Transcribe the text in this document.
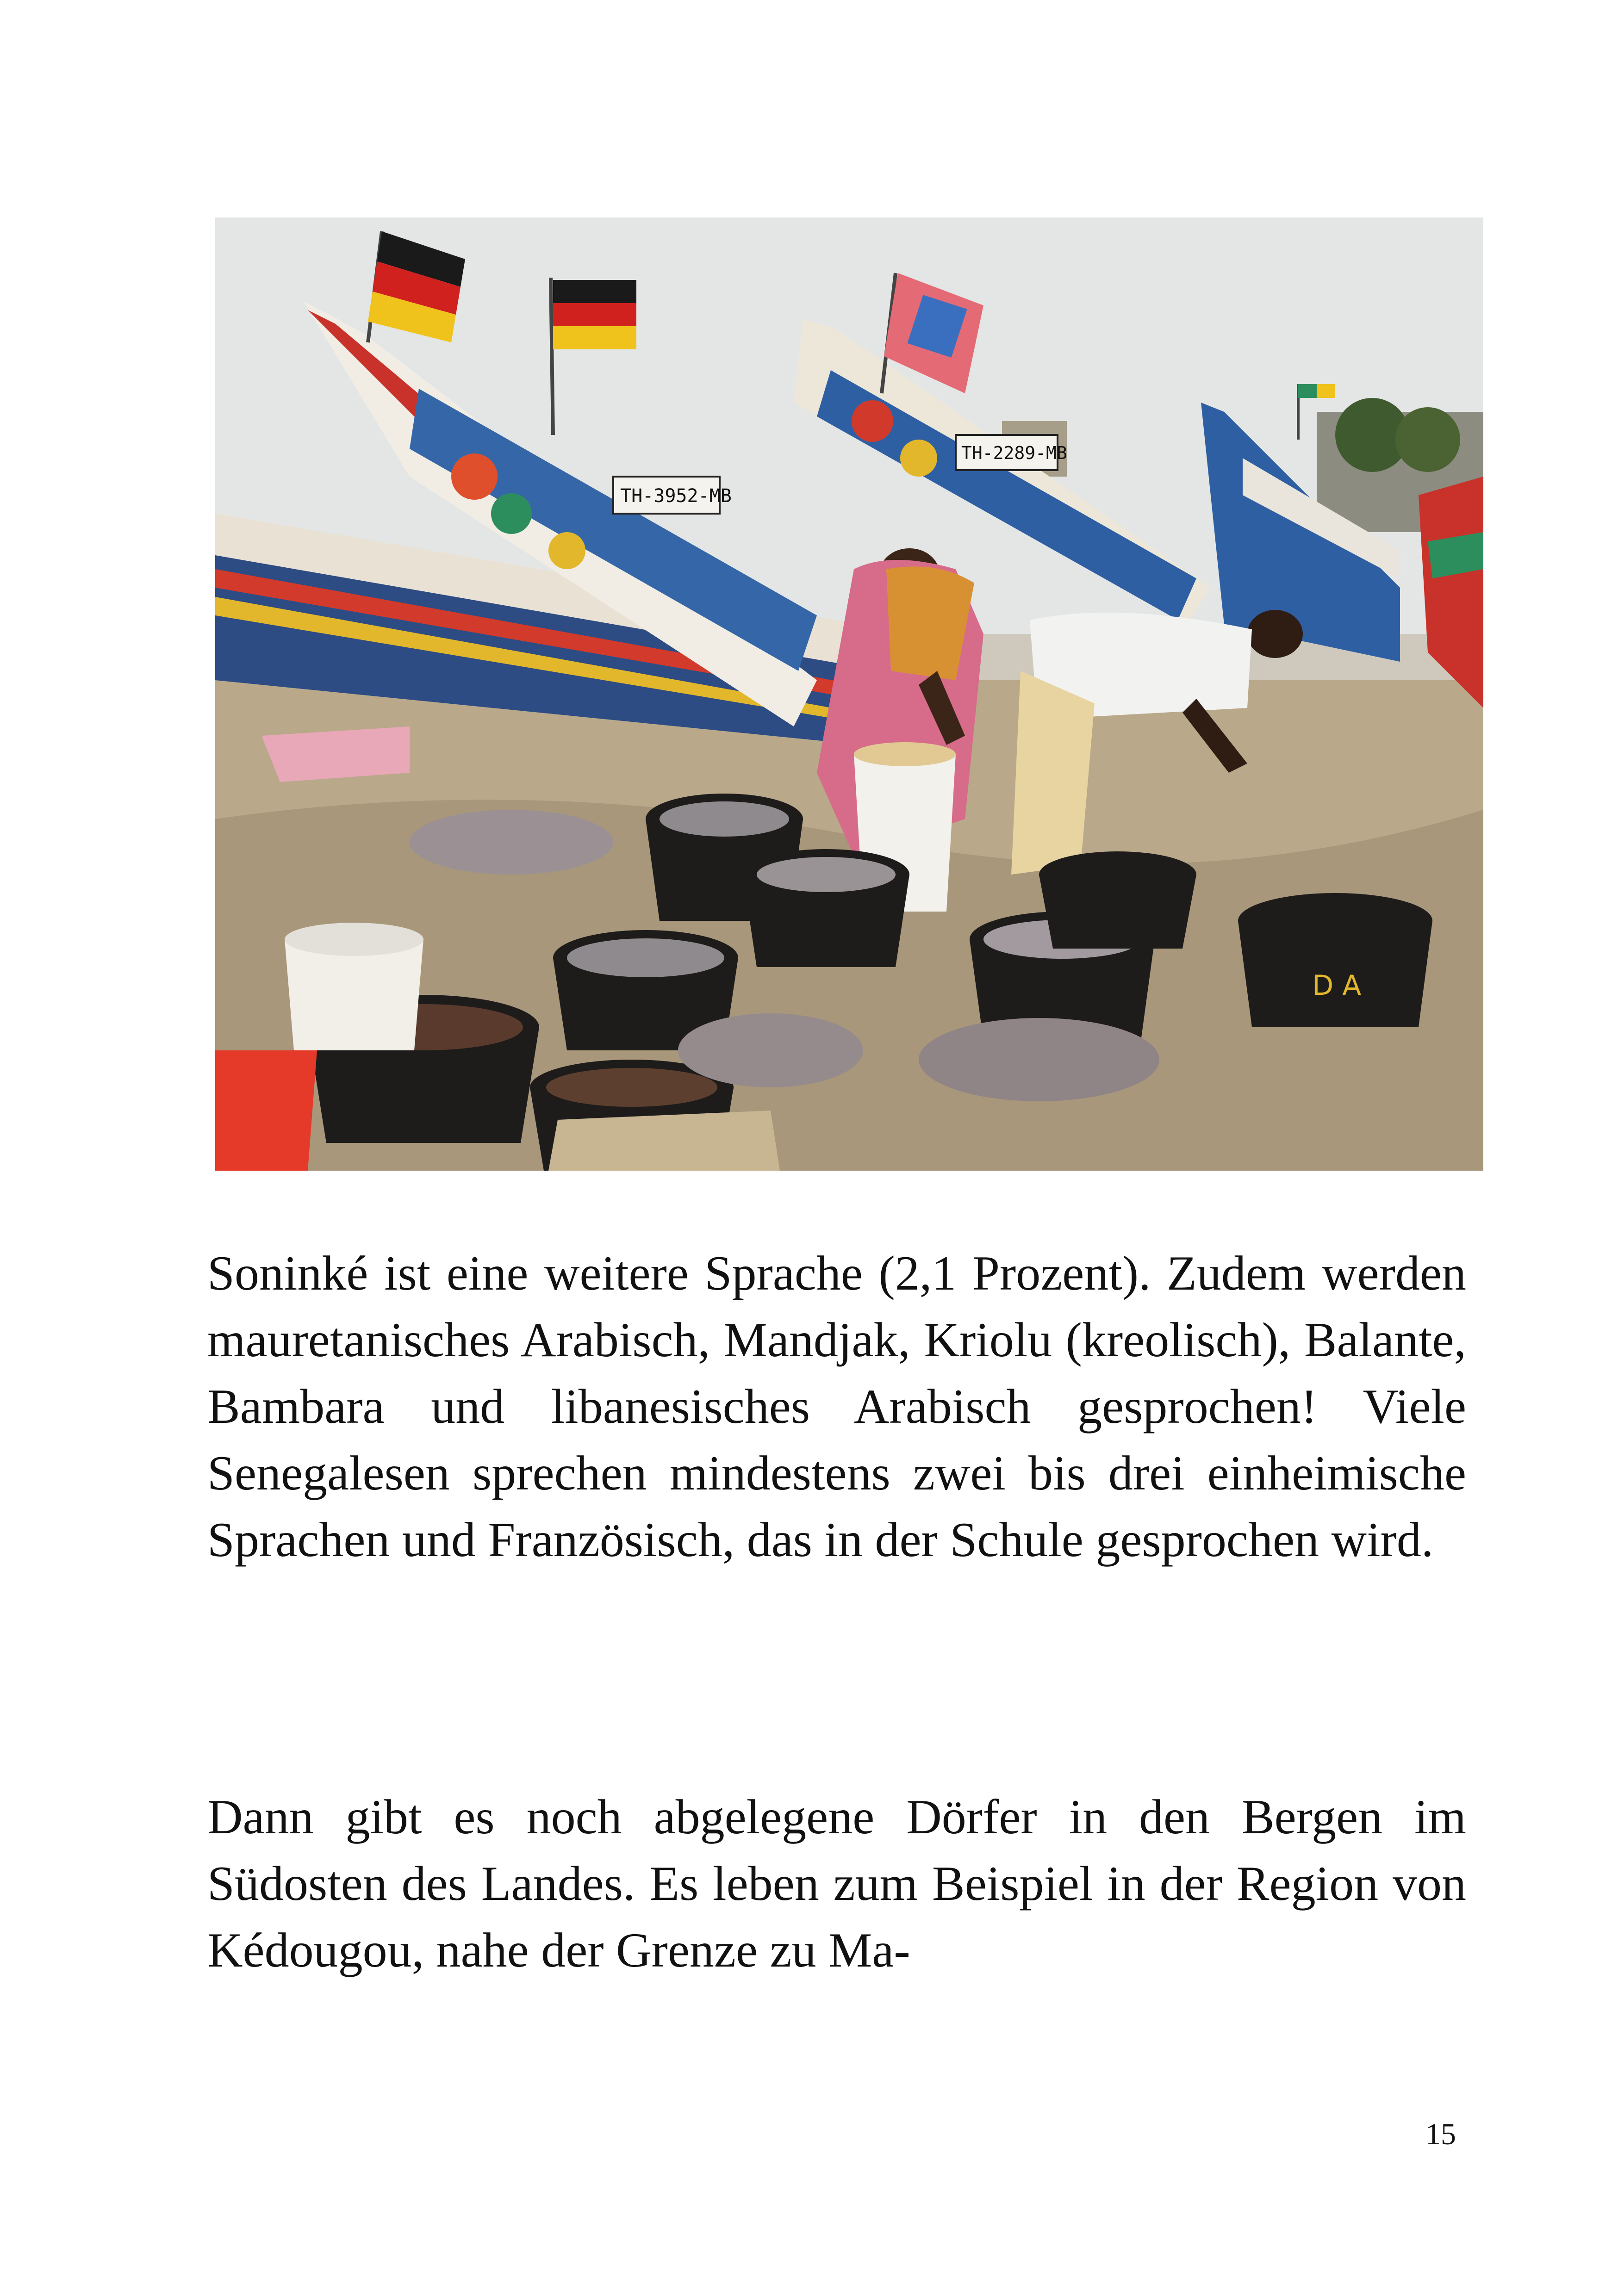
TH-3952-MB
TH-2289-MB
D A

Soninké ist eine weitere Sprache (2,1 Prozent). Zudem werden mauretanisches Arabisch, Mandjak, Kriolu (kreolisch), Balante, Bambara und libanesisches Arabisch gesprochen! Viele Senegalesen sprechen mindestens zwei bis drei einheimische Sprachen und Französisch, das in der Schule gesprochen wird.

Dann gibt es noch abgelegene Dörfer in den Bergen im Südosten des Landes. Es leben zum Beispiel in der Region von Kédougou, nahe der Grenze zu Ma-

15
